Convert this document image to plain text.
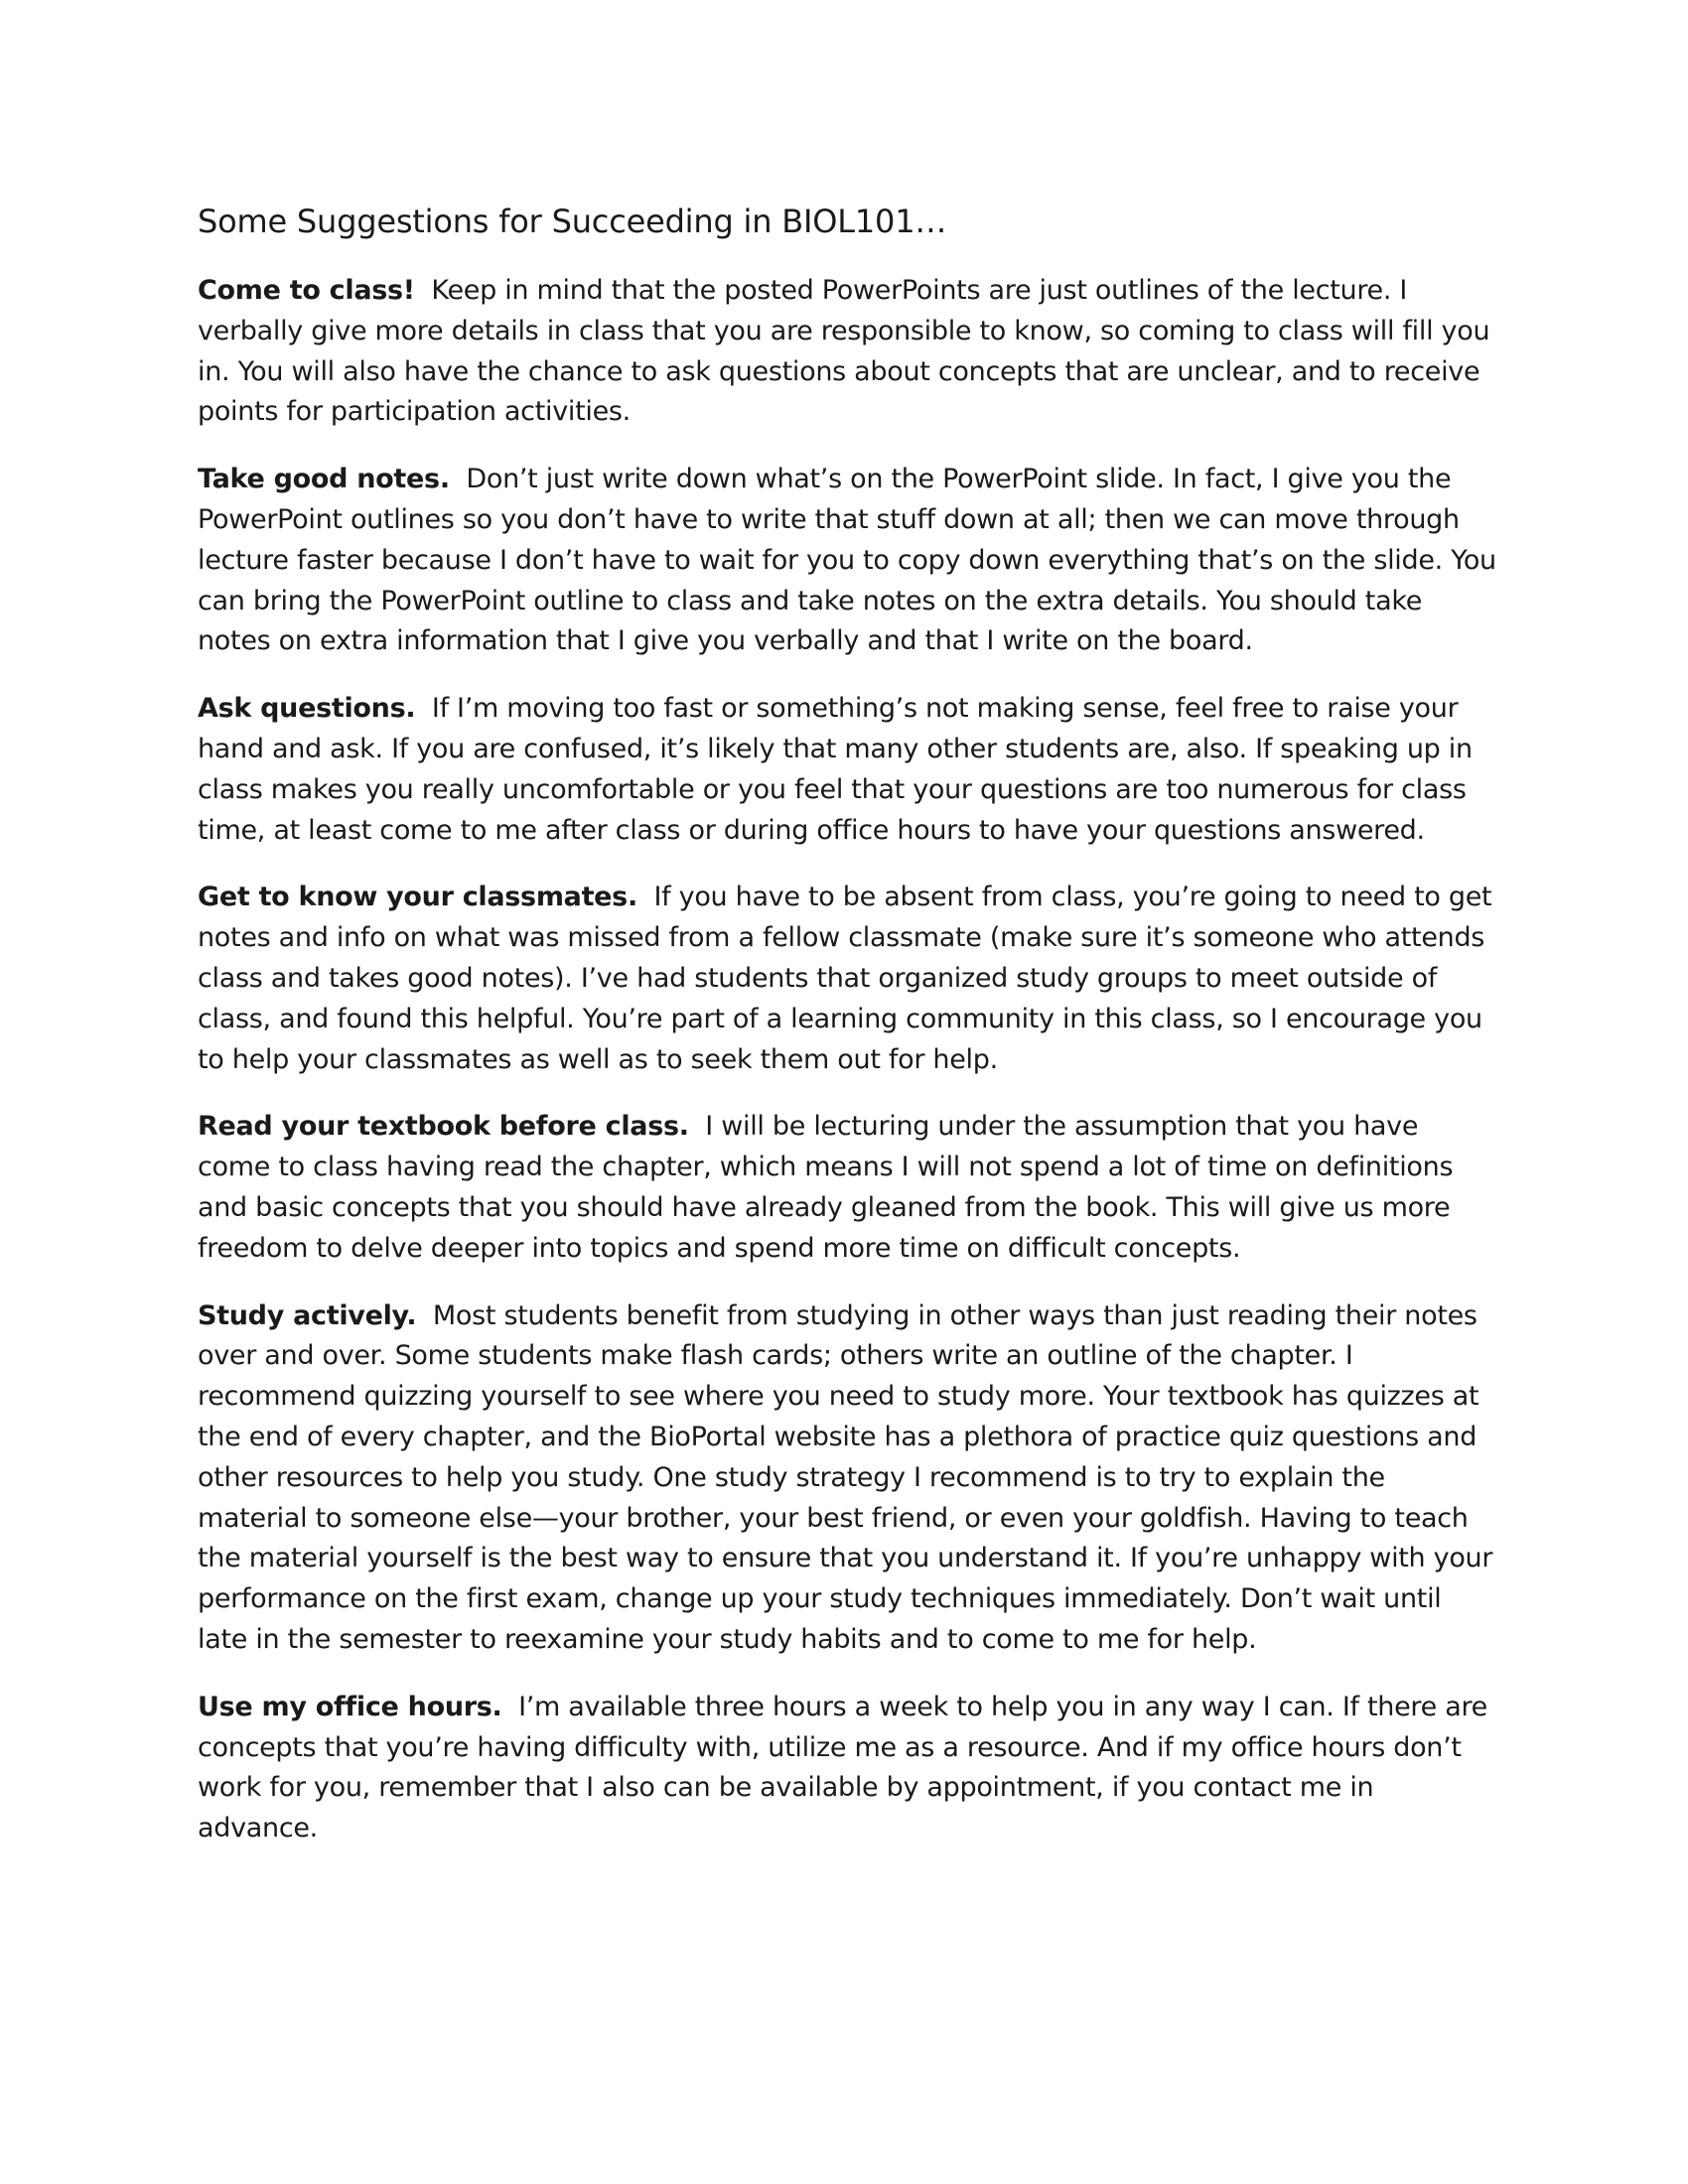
Some Suggestions for Succeeding in BIOL101…

Come to class! Keep in mind that the posted PowerPoints are just outlines of the lecture. I verbally give more details in class that you are responsible to know, so coming to class will fill you in. You will also have the chance to ask questions about concepts that are unclear, and to receive points for participation activities.

Take good notes. Don’t just write down what’s on the PowerPoint slide. In fact, I give you the PowerPoint outlines so you don’t have to write that stuff down at all; then we can move through lecture faster because I don’t have to wait for you to copy down everything that’s on the slide. You can bring the PowerPoint outline to class and take notes on the extra details. You should take notes on extra information that I give you verbally and that I write on the board.

Ask questions. If I’m moving too fast or something’s not making sense, feel free to raise your hand and ask. If you are confused, it’s likely that many other students are, also. If speaking up in class makes you really uncomfortable or you feel that your questions are too numerous for class time, at least come to me after class or during office hours to have your questions answered.

Get to know your classmates. If you have to be absent from class, you’re going to need to get notes and info on what was missed from a fellow classmate (make sure it’s someone who attends class and takes good notes). I’ve had students that organized study groups to meet outside of class, and found this helpful. You’re part of a learning community in this class, so I encourage you to help your classmates as well as to seek them out for help.

Read your textbook before class. I will be lecturing under the assumption that you have come to class having read the chapter, which means I will not spend a lot of time on definitions and basic concepts that you should have already gleaned from the book. This will give us more freedom to delve deeper into topics and spend more time on difficult concepts.

Study actively. Most students benefit from studying in other ways than just reading their notes over and over. Some students make flash cards; others write an outline of the chapter. I recommend quizzing yourself to see where you need to study more. Your textbook has quizzes at the end of every chapter, and the BioPortal website has a plethora of practice quiz questions and other resources to help you study. One study strategy I recommend is to try to explain the material to someone else—your brother, your best friend, or even your goldfish. Having to teach the material yourself is the best way to ensure that you understand it. If you’re unhappy with your performance on the first exam, change up your study techniques immediately. Don’t wait until late in the semester to reexamine your study habits and to come to me for help.

Use my office hours. I’m available three hours a week to help you in any way I can. If there are concepts that you’re having difficulty with, utilize me as a resource. And if my office hours don’t work for you, remember that I also can be available by appointment, if you contact me in advance.
